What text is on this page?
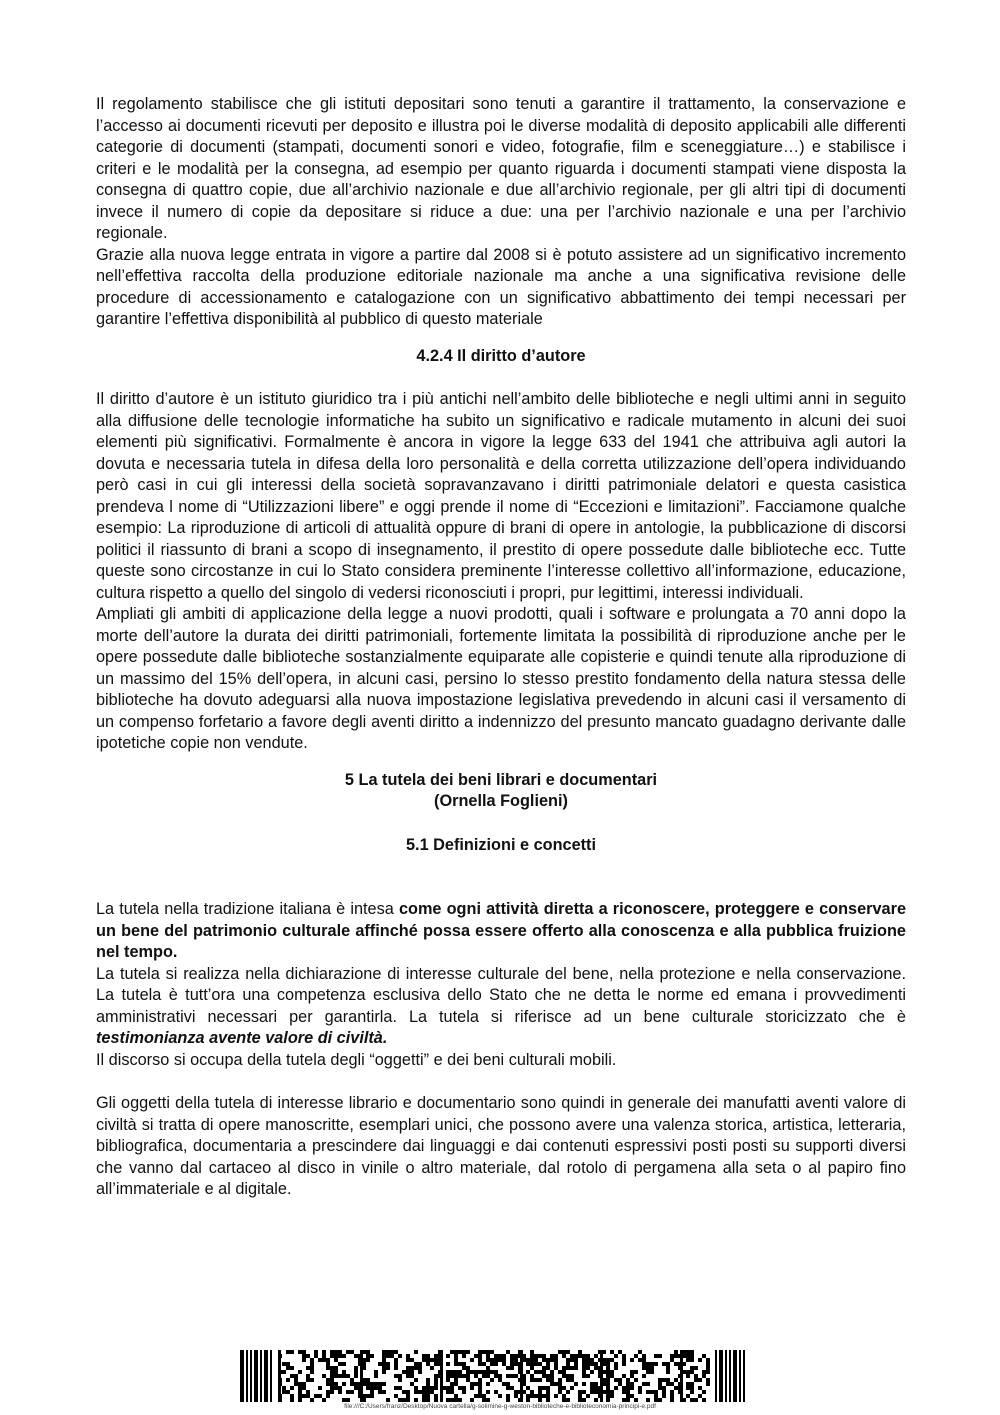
Il regolamento stabilisce che gli istituti depositari sono tenuti a garantire il trattamento, la conservazione e l’accesso ai documenti ricevuti per deposito e illustra poi le diverse modalità di deposito applicabili alle differenti categorie di documenti (stampati, documenti sonori e video, fotografie, film e sceneggiature…) e stabilisce i criteri e le modalità per la consegna, ad esempio per quanto riguarda i documenti stampati viene disposta la consegna di quattro copie, due all’archivio nazionale e due all’archivio regionale, per gli altri tipi di documenti invece il numero di copie da depositare si riduce a due: una per l’archivio nazionale e una per l’archivio regionale.

Grazie alla nuova legge entrata in vigore a partire dal 2008 si è potuto assistere ad un significativo incremento nell’effettiva raccolta della produzione editoriale nazionale ma anche a una significativa revisione delle procedure di accessionamento e catalogazione con un significativo abbattimento dei tempi necessari per garantire l’effettiva disponibilità al pubblico di questo materiale

4.2.4 Il diritto d’autore

Il diritto d’autore è un istituto giuridico tra i più antichi nell’ambito delle biblioteche e negli ultimi anni in seguito alla diffusione delle tecnologie informatiche ha subito un significativo e radicale mutamento in alcuni dei suoi elementi più significativi. Formalmente è ancora in vigore la legge 633 del 1941 che attribuiva agli autori la dovuta e necessaria tutela in difesa della loro personalità e della corretta utilizzazione dell’opera individuando però casi in cui gli interessi della società sopravanzavano i diritti patrimoniale delatori e questa casistica prendeva l nome di “Utilizzazioni libere” e oggi prende il nome di “Eccezioni e limitazioni”. Facciamone qualche esempio: La riproduzione di articoli di attualità oppure di brani di opere in antologie, la pubblicazione di discorsi politici il riassunto di brani a scopo di insegnamento, il prestito di opere possedute dalle biblioteche ecc. Tutte queste sono circostanze in cui lo Stato considera preminente l’interesse collettivo all’informazione, educazione, cultura rispetto a quello del singolo di vedersi riconosciuti i propri, pur legittimi, interessi individuali.

Ampliati gli ambiti di applicazione della legge a nuovi prodotti, quali i software e prolungata a 70 anni dopo la morte dell’autore la durata dei diritti patrimoniali, fortemente limitata la possibilità di riproduzione anche per le opere possedute dalle biblioteche sostanzialmente equiparate alle copisterie e quindi tenute alla riproduzione di un massimo del 15% dell’opera, in alcuni casi, persino lo stesso prestito fondamento della natura stessa delle biblioteche ha dovuto adeguarsi alla nuova impostazione legislativa prevedendo in alcuni casi il versamento di un compenso forfetario a favore degli aventi diritto a indennizzo del presunto mancato guadagno derivante dalle ipotetiche copie non vendute.

5 La tutela dei beni librari e documentari
(Ornella Foglieni)
5.1 Definizioni e concetti

La tutela nella tradizione italiana è intesa come ogni attività diretta a riconoscere, proteggere e conservare un bene del patrimonio culturale affinché possa essere offerto alla conoscenza e alla pubblica fruizione nel tempo.

La tutela si realizza nella dichiarazione di interesse culturale del bene, nella protezione e nella conservazione. La tutela è tutt’ora una competenza esclusiva dello Stato che ne detta le norme ed emana i provvedimenti amministrativi necessari per garantirla. La tutela si riferisce ad un bene culturale storicizzato che è testimonianza avente valore di civiltà.

Il discorso si occupa della tutela degli “oggetti” e dei beni culturali mobili.

Gli oggetti della tutela di interesse librario e documentario sono quindi in generale dei manufatti aventi valore di civiltà si tratta di opere manoscritte, esemplari unici, che possono avere una valenza storica, artistica, letteraria, bibliografica, documentaria a prescindere dai linguaggi e dai contenuti espressivi posti posti su supporti diversi che vanno dal cartaceo al disco in vinile o altro materiale, dal rotolo di pergamena alla seta o al papiro fino all’immateriale e al digitale.

file:///C:/Users/franz/Desktop/Nuova cartella/g-solimine-g-weston-biblioteche-e-biblioteconomia-principi-e.pdf
